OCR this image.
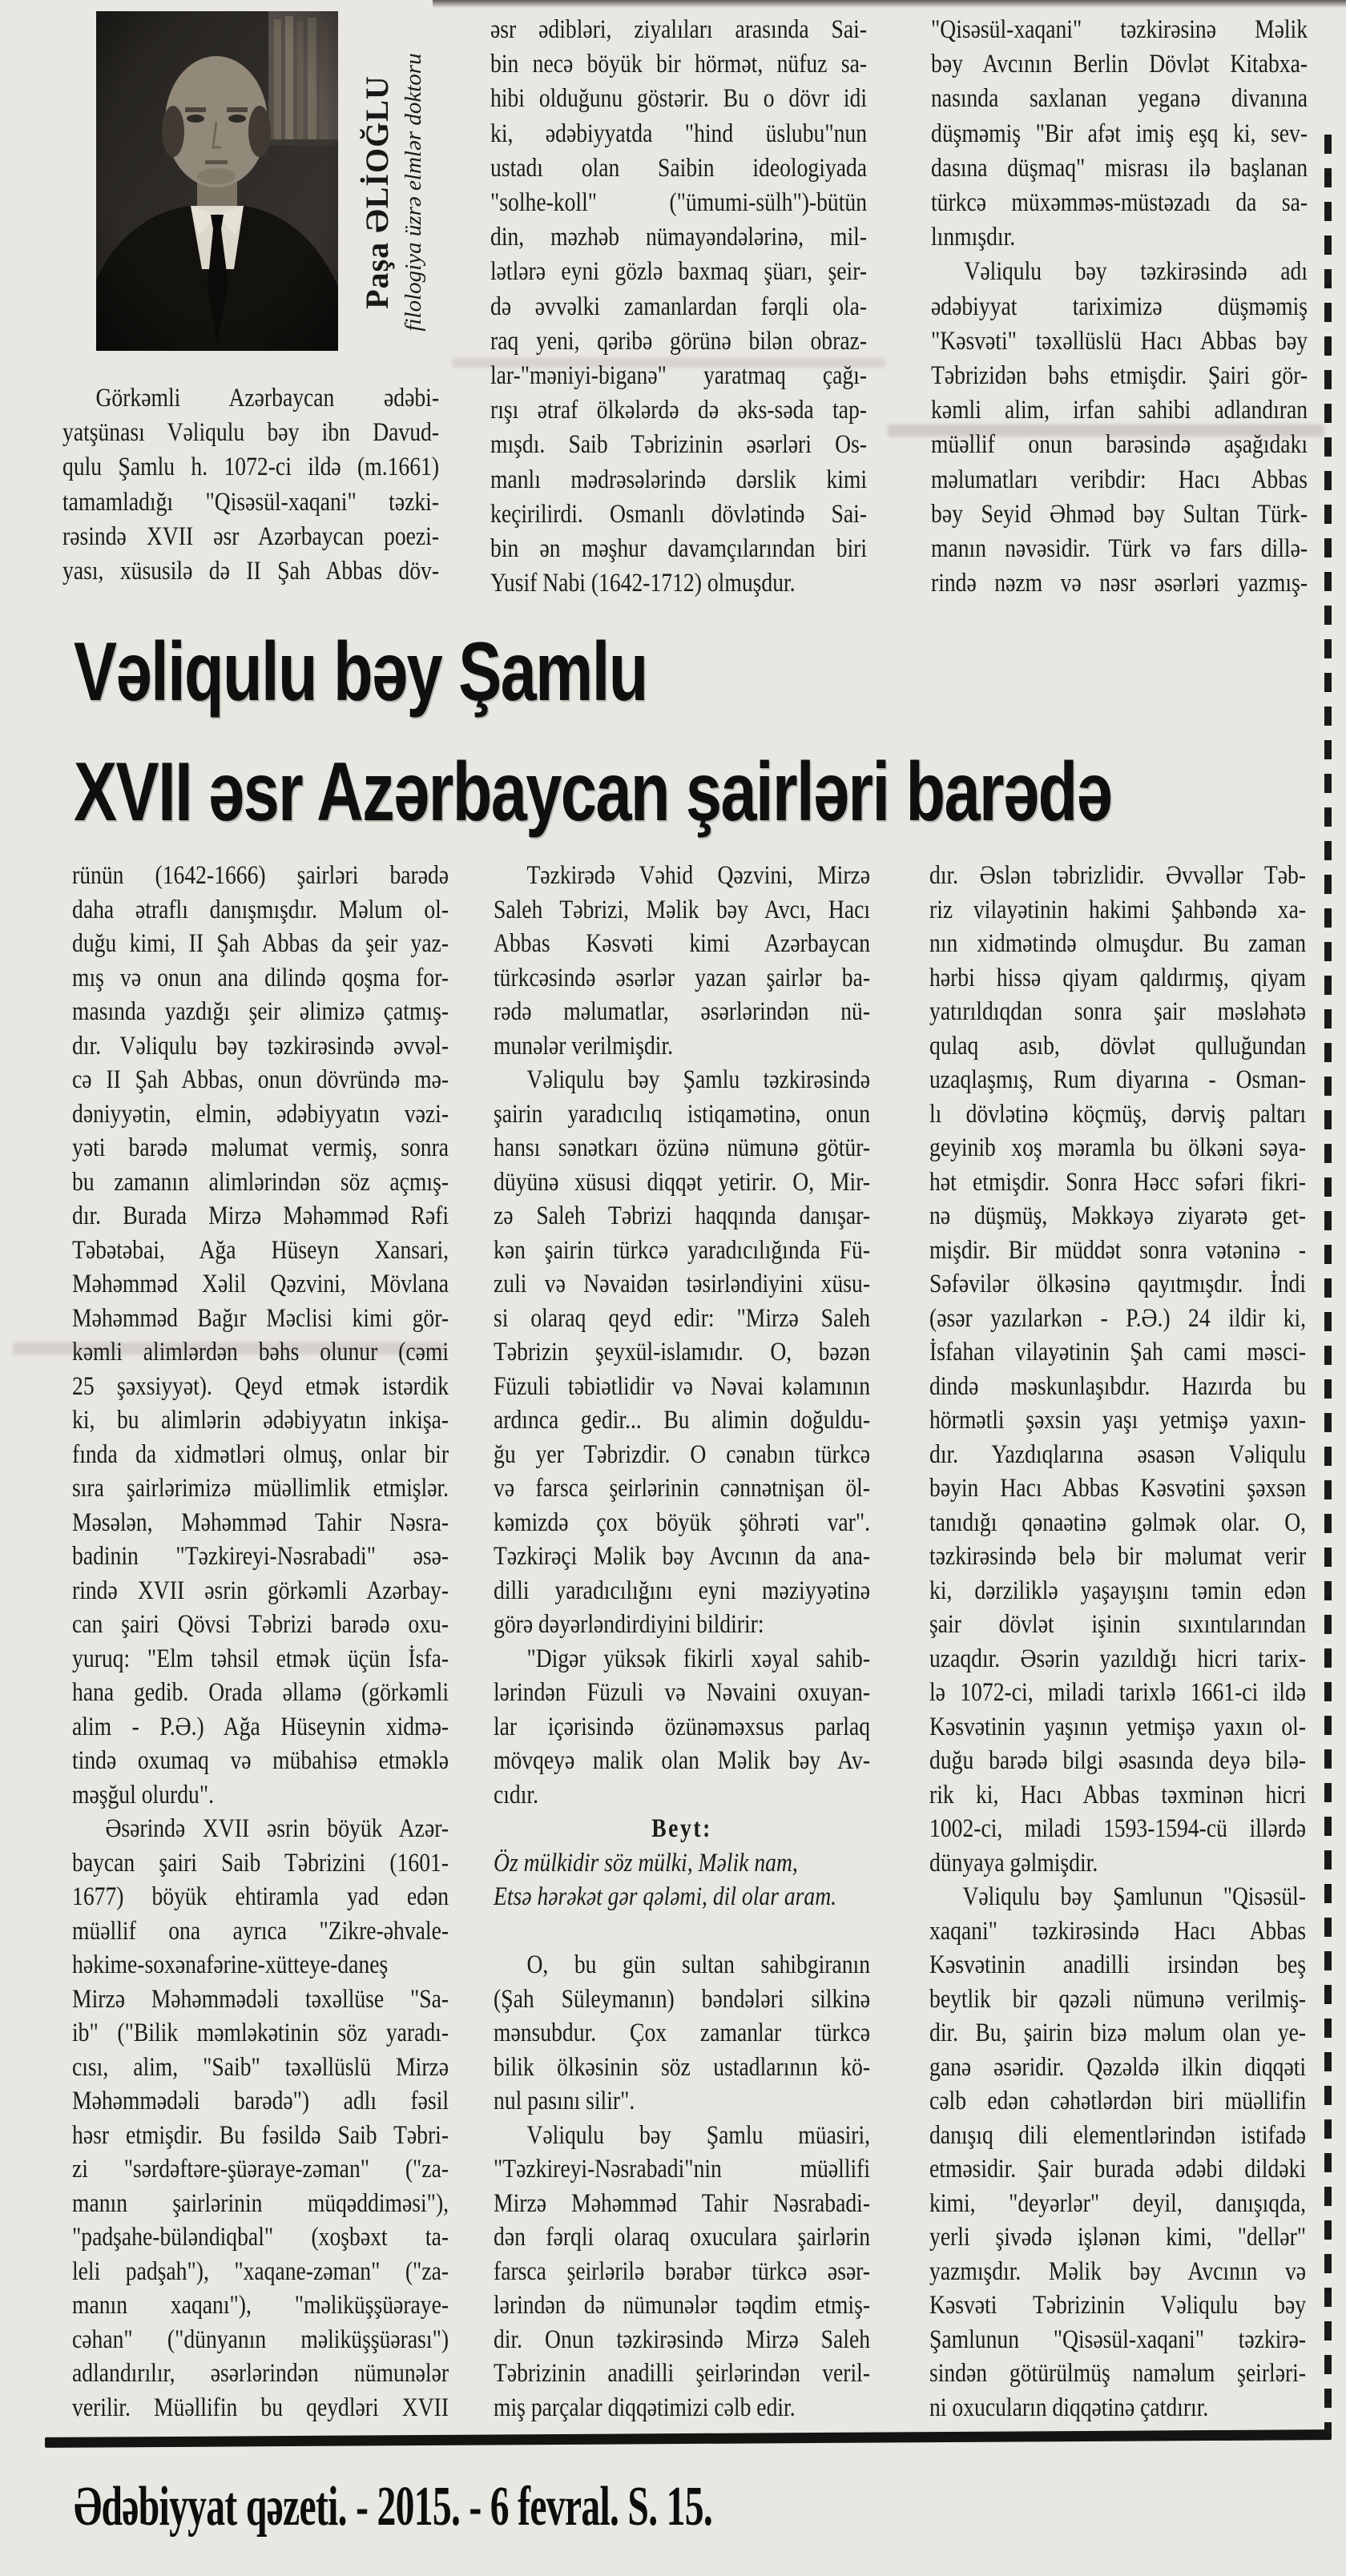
Paşa ƏLİOĞLU filologiya üzrə elmlər doktoru
  Görkəmli Azərbaycan ədəbi-
yatşünası Vəliqulu bəy ibn Davud-
qulu Şamlu h. 1072-ci ildə (m.1661)
tamamladığı "Qisəsül-xaqani" təzki-
rəsində XVII əsr Azərbaycan poezi-
yası, xüsusilə də II Şah Abbas döv-
əsr ədibləri, ziyalıları arasında Sai-
bin necə böyük bir hörmət, nüfuz sa-
hibi olduğunu göstərir. Bu o dövr idi
ki, ədəbiyyatda "hind üslubu"nun
ustadı olan Saibin ideologiyada
"solhe-koll" ("ümumi-sülh")-bütün
din, məzhəb nümayəndələrinə, mil-
lətlərə eyni gözlə baxmaq şüarı, şeir-
də əvvəlki zamanlardan fərqli ola-
raq yeni, qəribə görünə bilən obraz-
lar-"məniyi-biganə" yaratmaq çağı-
rışı ətraf ölkələrdə də əks-səda tap-
mışdı. Saib Təbrizinin əsərləri Os-
manlı mədrəsələrində dərslik kimi
keçirilirdi. Osmanlı dövlətində Sai-
bin ən məşhur davamçılarından biri
Yusif Nabi (1642-1712) olmuşdur.
"Qisəsül-xaqani" təzkirəsinə Məlik
bəy Avcının Berlin Dövlət Kitabxa-
nasında saxlanan yeganə divanına
düşməmiş "Bir afət imiş eşq ki, sev-
dasına düşmaq" misrası ilə başlanan
türkcə müxəmməs-müstəzadı da sa-
lınmışdır.
  Vəliqulu bəy təzkirəsində adı
ədəbiyyat tariximizə düşməmiş
"Kəsvəti" təxəllüslü Hacı Abbas bəy
Təbrizidən bəhs etmişdir. Şairi gör-
kəmli alim, irfan sahibi adlandıran
müəllif onun barəsində aşağıdakı
məlumatları veribdir: Hacı Abbas
bəy Seyid Əhməd bəy Sultan Türk-
manın nəvəsidir. Türk və fars dillə-
rində nəzm və nəsr əsərləri yazmış-
Vəliqulu bəy Şamlu
XVII əsr Azərbaycan şairləri barədə
rünün (1642-1666) şairləri barədə
daha ətraflı danışmışdır. Məlum ol-
duğu kimi, II Şah Abbas da şeir yaz-
mış və onun ana dilində qoşma for-
masında yazdığı şeir əlimizə çatmış-
dır. Vəliqulu bəy təzkirəsində əvvəl-
cə II Şah Abbas, onun dövründə mə-
dəniyyətin, elmin, ədəbiyyatın vəzi-
yəti barədə məlumat vermiş, sonra
bu zamanın alimlərindən söz açmış-
dır. Burada Mirzə Məhəmməd Rəfi
Təbətəbai, Ağa Hüseyn Xansari,
Məhəmməd Xəlil Qəzvini, Mövlana
Məhəmməd Bağır Məclisi kimi gör-
kəmli alimlərdən bəhs olunur (cəmi
25 şəxsiyyət). Qeyd etmək istərdik
ki, bu alimlərin ədəbiyyatın inkişa-
fında da xidmətləri olmuş, onlar bir
sıra şairlərimizə müəllimlik etmişlər.
Məsələn, Məhəmməd Tahir Nəsra-
badinin "Təzkireyi-Nəsrabadi" əsə-
rində XVII əsrin görkəmli Azərbay-
can şairi Qövsi Təbrizi barədə oxu-
yuruq: "Elm təhsil etmək üçün İsfa-
hana gedib. Orada əllamə (görkəmli
alim - P.Ə.) Ağa Hüseynin xidmə-
tində oxumaq və mübahisə etməklə
məşğul olurdu".
  Əsərində XVII əsrin böyük Azər-
baycan şairi Saib Təbrizini (1601-
1677) böyük ehtiramla yad edən
müəllif ona ayrıca "Zikre-əhvale-
həkime-soxənafərine-xütteye-daneş
Mirzə Məhəmmədəli təxəllüse "Sa-
ib" ("Bilik məmləkətinin söz yaradı-
cısı, alim, "Saib" təxəllüslü Mirzə
Məhəmmədəli barədə") adlı fəsil
həsr etmişdir. Bu fəsildə Saib Təbri-
zi "sərdəftəre-şüəraye-zəman" ("za-
manın şairlərinin müqəddiməsi"),
"padşahe-büləndiqbal" (xoşbəxt ta-
leli padşah"), "xaqane-zəman" ("za-
manın xaqanı"), "məliküşşüəraye-
cəhan" ("dünyanın məliküşşüərası")
adlandırılır, əsərlərindən nümunələr
verilir. Müəllifin bu qeydləri XVII
  Təzkirədə Vəhid Qəzvini, Mirzə
Saleh Təbrizi, Məlik bəy Avcı, Hacı
Abbas Kəsvəti kimi Azərbaycan
türkcəsində əsərlər yazan şairlər ba-
rədə məlumatlar, əsərlərindən nü-
munələr verilmişdir.
  Vəliqulu bəy Şamlu təzkirəsində
şairin yaradıcılıq istiqamətinə, onun
hansı sənətkarı özünə nümunə götür-
düyünə xüsusi diqqət yetirir. O, Mir-
zə Saleh Təbrizi haqqında danışar-
kən şairin türkcə yaradıcılığında Fü-
zuli və Nəvaidən təsirləndiyini xüsu-
si olaraq qeyd edir: "Mirzə Saleh
Təbrizin şeyxül-islamıdır. O, bəzən
Füzuli təbiətlidir və Nəvai kəlamının
ardınca gedir... Bu alimin doğuldu-
ğu yer Təbrizdir. O cənabın türkcə
və farsca şeirlərinin cənnətnişan öl-
kəmizdə çox böyük şöhrəti var".
Təzkirəçi Məlik bəy Avcının da ana-
dilli yaradıcılığını eyni məziyyətinə
görə dəyərləndirdiyini bildirir:
  "Digər yüksək fikirli xəyal sahib-
lərindən Füzuli və Nəvaini oxuyan-
lar içərisində özünəməxsus parlaq
mövqeyə malik olan Məlik bəy Av-
cıdır.
Beyt:
Öz mülkidir söz mülki, Məlik nam,
Etsə hərəkət gər qələmi, dil olar aram.
  O, bu gün sultan sahibgiranın
(Şah Süleymanın) bəndələri silkinə
mənsubdur. Çox zamanlar türkcə
bilik ölkəsinin söz ustadlarının kö-
nul pasını silir".
  Vəliqulu bəy Şamlu müasiri,
"Təzkireyi-Nəsrabadi"nin müəllifi
Mirzə Məhəmməd Tahir Nəsrabadi-
dən fərqli olaraq oxuculara şairlərin
farsca şeirlərilə bərabər türkcə əsər-
lərindən də nümunələr təqdim etmiş-
dir. Onun təzkirəsində Mirzə Saleh
Təbrizinin anadilli şeirlərindən veril-
miş parçalar diqqətimizi cəlb edir.
dır. Əslən təbrizlidir. Əvvəllər Təb-
riz vilayətinin hakimi Şahbəndə xa-
nın xidmətində olmuşdur. Bu zaman
hərbi hissə qiyam qaldırmış, qiyam
yatırıldıqdan sonra şair məsləhətə
qulaq asıb, dövlət qulluğundan
uzaqlaşmış, Rum diyarına - Osman-
lı dövlətinə köçmüş, dərviş paltarı
geyinib xoş məramla bu ölkəni səya-
hət etmişdir. Sonra Həcc səfəri fikri-
nə düşmüş, Məkkəyə ziyarətə get-
mişdir. Bir müddət sonra vətəninə -
Səfəvilər ölkəsinə qayıtmışdır. İndi
(əsər yazılarkən - P.Ə.) 24 ildir ki,
İsfahan vilayətinin Şah cami məsci-
dində məskunlaşıbdır. Hazırda bu
hörmətli şəxsin yaşı yetmişə yaxın-
dır. Yazdıqlarına əsasən Vəliqulu
bəyin Hacı Abbas Kəsvətini şəxsən
tanıdığı qənaətinə gəlmək olar. O,
təzkirəsində belə bir məlumat verir
ki, dərziliklə yaşayışını təmin edən
şair dövlət işinin sıxıntılarından
uzaqdır. Əsərin yazıldığı hicri tarix-
lə 1072-ci, miladi tarixlə 1661-ci ildə
Kəsvətinin yaşının yetmişə yaxın ol-
duğu barədə bilgi əsasında deyə bilə-
rik ki, Hacı Abbas təxminən hicri
1002-ci, miladi 1593-1594-cü illərdə
dünyaya gəlmişdir.
  Vəliqulu bəy Şamlunun "Qisəsül-
xaqani" təzkirəsində Hacı Abbas
Kəsvətinin anadilli irsindən beş
beytlik bir qəzəli nümunə verilmiş-
dir. Bu, şairin bizə məlum olan ye-
ganə əsəridir. Qəzəldə ilkin diqqəti
cəlb edən cəhətlərdən biri müəllifin
danışıq dili elementlərindən istifadə
etməsidir. Şair burada ədəbi dildəki
kimi, "deyərlər" deyil, danışıqda,
yerli şivədə işlənən kimi, "dellər"
yazmışdır. Məlik bəy Avcının və
Kəsvəti Təbrizinin Vəliqulu bəy
Şamlunun "Qisəsül-xaqani" təzkirə-
sindən götürülmüş naməlum şeirləri-
ni oxucuların diqqətinə çatdırır.
Ədəbiyyat qəzeti. - 2015. - 6 fevral. S. 15.
